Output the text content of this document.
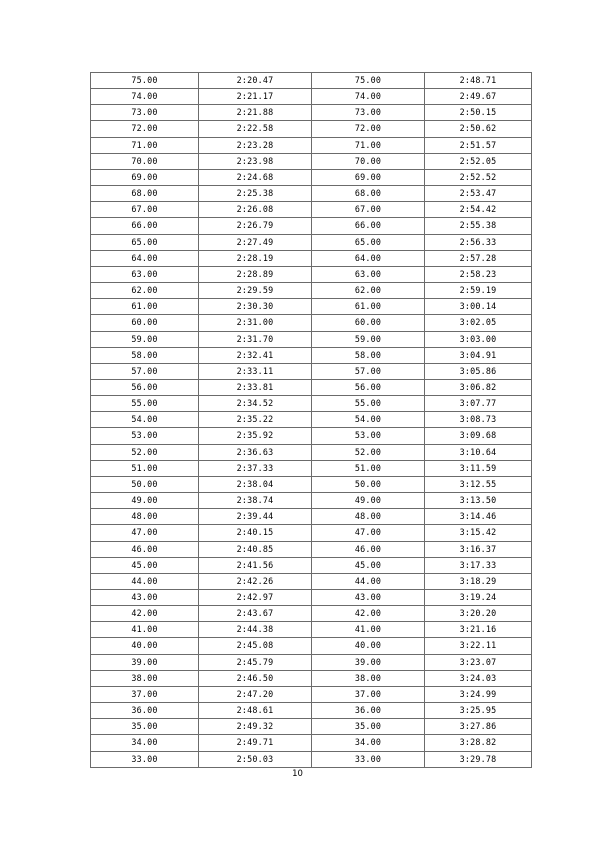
75.00	2:20.47	75.00	2:48.71
74.00	2:21.17	74.00	2:49.67
73.00	2:21.88	73.00	2:50.15
72.00	2:22.58	72.00	2:50.62
71.00	2:23.28	71.00	2:51.57
70.00	2:23.98	70.00	2:52.05
69.00	2:24.68	69.00	2:52.52
68.00	2:25.38	68.00	2:53.47
67.00	2:26.08	67.00	2:54.42
66.00	2:26.79	66.00	2:55.38
65.00	2:27.49	65.00	2:56.33
64.00	2:28.19	64.00	2:57.28
63.00	2:28.89	63.00	2:58.23
62.00	2:29.59	62.00	2:59.19
61.00	2:30.30	61.00	3:00.14
60.00	2:31.00	60.00	3:02.05
59.00	2:31.70	59.00	3:03.00
58.00	2:32.41	58.00	3:04.91
57.00	2:33.11	57.00	3:05.86
56.00	2:33.81	56.00	3:06.82
55.00	2:34.52	55.00	3:07.77
54.00	2:35.22	54.00	3:08.73
53.00	2:35.92	53.00	3:09.68
52.00	2:36.63	52.00	3:10.64
51.00	2:37.33	51.00	3:11.59
50.00	2:38.04	50.00	3:12.55
49.00	2:38.74	49.00	3:13.50
48.00	2:39.44	48.00	3:14.46
47.00	2:40.15	47.00	3:15.42
46.00	2:40.85	46.00	3:16.37
45.00	2:41.56	45.00	3:17.33
44.00	2:42.26	44.00	3:18.29
43.00	2:42.97	43.00	3:19.24
42.00	2:43.67	42.00	3:20.20
41.00	2:44.38	41.00	3:21.16
40.00	2:45.08	40.00	3:22.11
39.00	2:45.79	39.00	3:23.07
38.00	2:46.50	38.00	3:24.03
37.00	2:47.20	37.00	3:24.99
36.00	2:48.61	36.00	3:25.95
35.00	2:49.32	35.00	3:27.86
34.00	2:49.71	34.00	3:28.82
33.00	2:50.03	33.00	3:29.78
10
